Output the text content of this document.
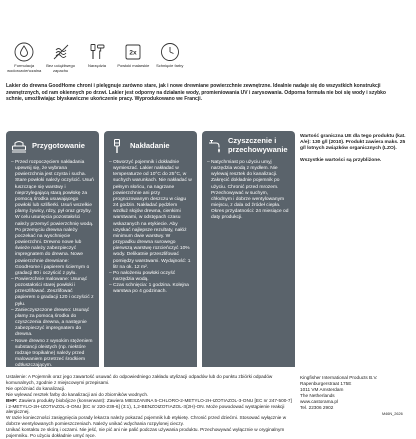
Formulacja wodorozcieńczalna
Bez uciążliwego zapachu
Narzędzia
2x
Powłoki malarskie	Schnięcie farby
Lakier do drewna GoodHome chroni i pielęgnuje zarówno stare, jak i nowe drewniane powierzchnie zewnętrzne. Idealnie nadaje się do wszystkich konstrukcji zewnętrznych, od ram okiennych po drzwi. Lakier jest odporny na działanie wody, promieniowania UV i zarysowania. Odporna formuła nie boi się wody i szybko schnie, umożliwiając błyskawiczne ukończenie pracy. Wyprodukowano we Francji.
Przygotowanie
– Przed rozpoczęciem nakładania upewnij się, że wybrana powierzchnia jest czysta i sucha. Stare powłoki należy oczyścić. Usuń łuszczące się warstwy i nieprzylegającą starą powłokę za pomocą środka usuwającego powłoki lub szlifierki. Usuń wszelkie plamy żywicy, rdzy, pył oraz grzyby. W celu usunięcia pozostałości należy przemyć powierzchnię wodą. Po przemyciu drewna należy poczekać na wyschnięcie powierzchni. Drewno nowe lub świeże należy zabezpieczyć impregnatem do drewna. Nowe powierzchnie drewniane: GoodHome i papierem ściernym o gradacji 80 i oczyścić z pyłu.
– Powierzchnie malowane: Usunąć pozostałości starej powłoki i przeszlifować. Zeszlifować papierem o gradacji 120 i oczyścić z pyłu.
– Zanieczyszczone drewno: Usunąć plamy za pomocą środka do czyszczenia drewna, a następnie zabezpieczyć impregnatem do drewna.
– Nowe drewno z wysokim stężeniem substancji oleistych (np. niektóre rodzaje tropikalne) należy przed malowaniem przetrzeć środkiem odtłuszczającym.
Nakładanie
– Otworzyć pojemnik i dokładnie wymieszać. Lakier nakładać w temperaturze od 10°C do 25°C, w suchych warunkach. Nie nakładać w pełnym słońcu, na nagrzane powierzchnie ani przy prognozowanym deszczu w ciągu 24 godzin. Nakładać pędzlem wzdłuż słojów drewna, cienkimi warstwami, w odstępach czasu wskazanych na etykiecie. Aby uzyskać najlepsze rezultaty, nałóż minimum dwie warstwy. W przypadku drewna surowego pierwszą warstwę rozcieńczyć 10% wody. Delikatnie przeszlifować pomiędzy warstwami. Wydajność: 1 litr na ok. 12 m².
– Po nałożeniu powłoki oczyść narzędzia wodą.
– Czas schnięcia: 1 godzina. Kolejna warstwa po 4 godzinach.
Czyszczenie i przechowywanie
– Natychmiast po użyciu umyj narzędzia wodą z mydłem. Nie wylewaj resztek do kanalizacji. Zakręcić dokładnie pojemnik po użyciu. Chronić przed mrozem. Przechowywać w suchym, chłodnym i dobrze wentylowanym miejscu, z dala od źródeł ciepła. Okres przydatności: 24 miesiące od daty produkcji.

Wartość graniczna UE dla tego produktu (kat. A/e): 130 g/l (2010). Produkt zawiera maks. 25 g/l lotnych związków organicznych (LZO).

Wszystkie wartości są przybliżone.

Ustalenie: A Pojemnik oraz jego zawartość usuwać do odpowiedniego zakładu utylizacji odpadów lub do punktu zbiórki odpadów komunalnych, zgodnie z miejscowymi przepisami.
Nie opróżniać do kanalizacji.
Nie wylewać resztek farby do kanalizacji ani do zbiorników wodnych.
BHP: Zawiera produkty biobójcze (konserwant): Zawiera MIESZANINA 5-CHLORO-2-METYLO-2H-IZOTIAZOL-3-ONU [EC nr 247-500-7] i 2-METYLO-2H-IZOTIAZOL-3-ONU [EC nr 220-239-6] (3:1), 1,2-BENZOIZOTIAZOL-3(2H)-ON. Może powodować wystąpienie reakcji alergicznej.
W razie konieczności zasięgnięcia porady lekarza należy pokazać pojemnik lub etykietę. Chronić przed dziećmi. Stosować wyłącznie w dobrze wentylowanych pomieszczeniach. Należy unikać wdychania rozpylonej cieczy.
Unikać kontaktu ze skórą i oczami. Nie jeść, nie pić ani nie palić podczas używania produktu. Przechowywać wyłącznie w oryginalnym pojemniku. Po użyciu dokładnie umyć ręce.
Kingfisher International Products B.V.
Rapenburgerstraat 175E
1011 VM Amsterdam
The Netherlands
www.castorama.pl
Tel. 22306 2902
M46N_2626
